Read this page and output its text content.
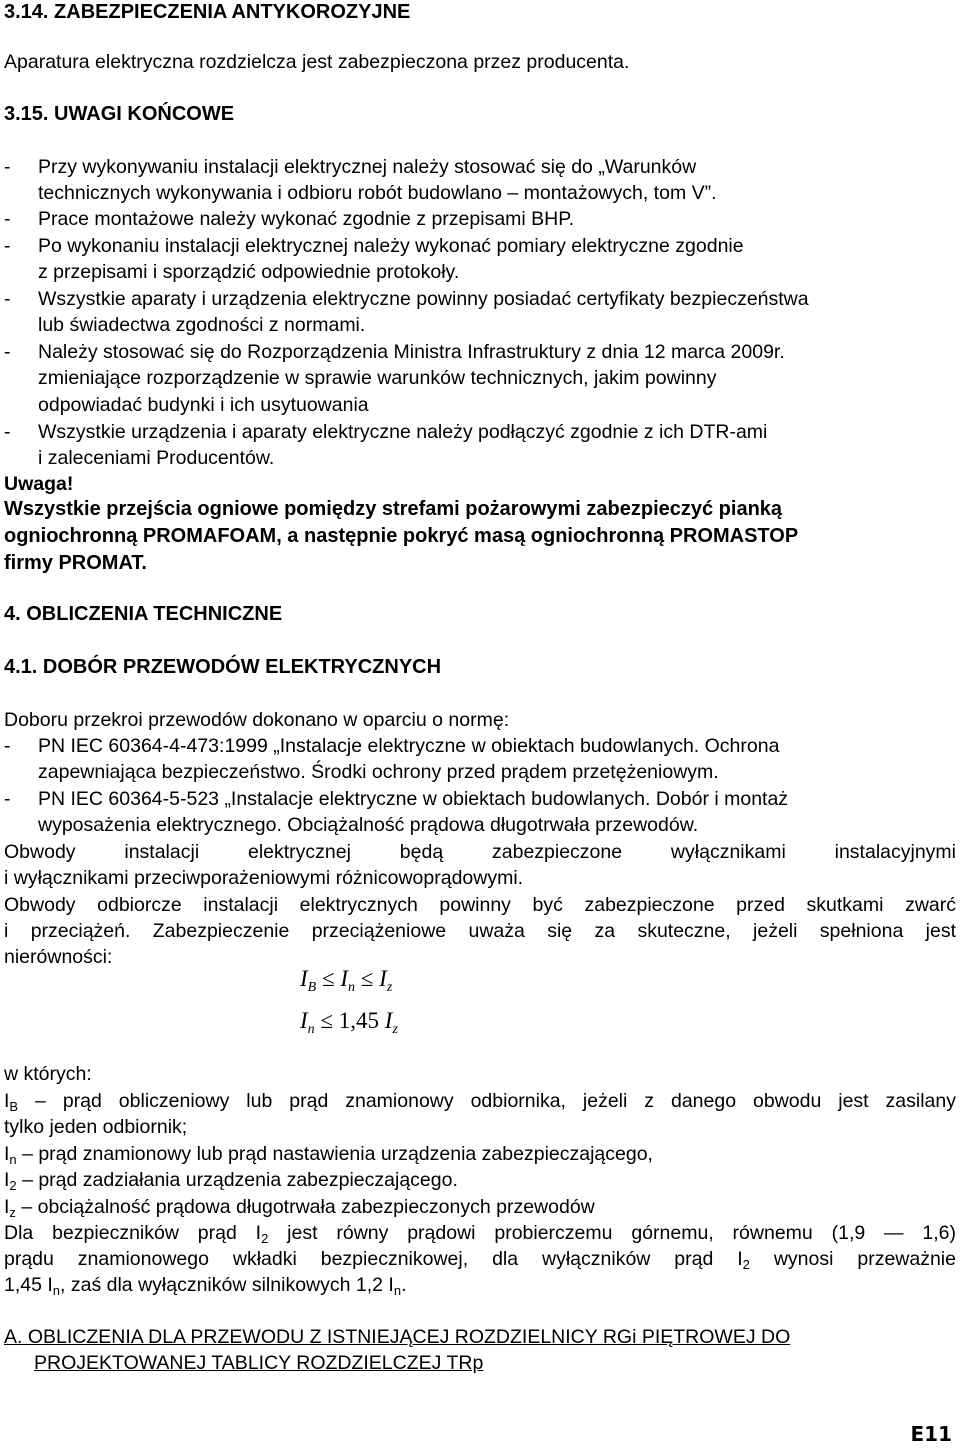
3.14. ZABEZPIECZENIA ANTYKOROZYJNE
Aparatura elektryczna rozdzielcza jest zabezpieczona przez producenta.
3.15. UWAGI KOŃCOWE
- Przy wykonywaniu instalacji elektrycznej należy stosować się do „Warunków
technicznych wykonywania i odbioru robót budowlano – montażowych, tom V”.
- Prace montażowe należy wykonać zgodnie z przepisami BHP.
- Po wykonaniu instalacji elektrycznej należy wykonać pomiary elektryczne zgodnie
z przepisami i sporządzić odpowiednie protokoły.
- Wszystkie aparaty i urządzenia elektryczne powinny posiadać certyfikaty bezpieczeństwa
lub świadectwa zgodności z normami.
- Należy stosować się do Rozporządzenia Ministra Infrastruktury z dnia 12 marca 2009r.
zmieniające rozporządzenie w sprawie warunków technicznych, jakim powinny
odpowiadać budynki i ich usytuowania
- Wszystkie urządzenia i aparaty elektryczne należy podłączyć zgodnie z ich DTR-ami
i zaleceniami Producentów.
Uwaga!
Wszystkie przejścia ogniowe pomiędzy strefami pożarowymi zabezpieczyć pianką
ogniochronną PROMAFOAM, a następnie pokryć masą ogniochronną PROMASTOP
firmy PROMAT.
4. OBLICZENIA TECHNICZNE
4.1. DOBÓR PRZEWODÓW ELEKTRYCZNYCH
Doboru przekroi przewodów dokonano w oparciu o normę:
- PN IEC 60364-4-473:1999 „Instalacje elektryczne w obiektach budowlanych. Ochrona
zapewniająca bezpieczeństwo. Środki ochrony przed prądem przetężeniowym.
- PN IEC 60364-5-523 „Instalacje elektryczne w obiektach budowlanych. Dobór i montaż
wyposażenia elektrycznego. Obciążalność prądowa długotrwała przewodów.
Obwody instalacji elektrycznej będą zabezpieczone wyłącznikami instalacyjnymi
i wyłącznikami przeciwporażeniowymi różnicowoprądowymi.
Obwody odbiorcze instalacji elektrycznych powinny być zabezpieczone przed skutkami zwarć
i przeciążeń. Zabezpieczenie przeciążeniowe uważa się za skuteczne, jeżeli spełniona jest
nierówności:
$I_B \le I_n \le I_z$
$I_n \le 1,45$ $I_z$
w których:
$I_B$ – prąd obliczeniowy lub prąd znamionowy odbiornika, jeżeli z danego obwodu jest zasilany
tylko jeden odbiornik;
$I_n$ – prąd znamionowy lub prąd nastawienia urządzenia zabezpieczającego,
$I_2$ – prąd zadziałania urządzenia zabezpieczającego.
$I_z$ – obciążalność prądowa długotrwała zabezpieczonych przewodów
Dla bezpieczników prąd $I_2$ jest równy prądowi probierczemu górnemu, równemu (1,9 — 1,6)
prądu znamionowego wkładki bezpiecznikowej, dla wyłączników prąd $I_2$ wynosi przeważnie
1,45 $I_n$, zaś dla wyłączników silnikowych 1,2 $I_n$.
A. OBLICZENIA DLA PRZEWODU Z ISTNIEJĄCEJ ROZDZIELNICY RGi PIĘTROWEJ DO
PROJEKTOWANEJ TABLICY ROZDZIELCZEJ TRp
E11
